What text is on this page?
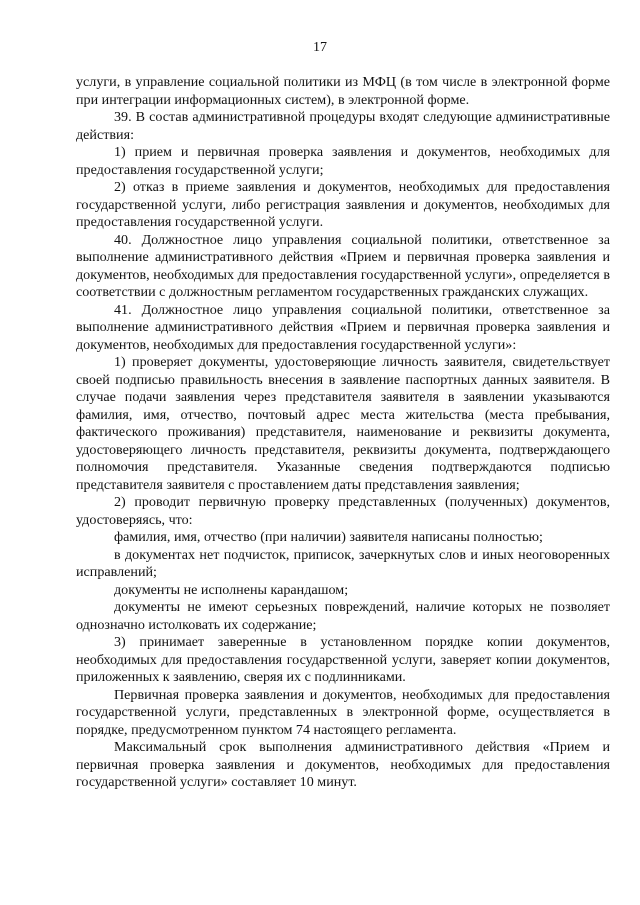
17

услуги, в управление социальной политики из МФЦ (в том числе в электронной форме при интеграции информационных систем), в электронной форме.

39. В состав административной процедуры входят следующие административные действия:

1) прием и первичная проверка заявления и документов, необходимых для предоставления государственной услуги;

2) отказ в приеме заявления и документов, необходимых для предоставления государственной услуги, либо регистрация заявления и документов, необходимых для предоставления государственной услуги.

40. Должностное лицо управления социальной политики, ответственное за выполнение административного действия «Прием и первичная проверка заявления и документов, необходимых для предоставления государственной услуги», определяется в соответствии с должностным регламентом государственных гражданских служащих.

41. Должностное лицо управления социальной политики, ответственное за выполнение административного действия «Прием и первичная проверка заявления и документов, необходимых для предоставления государственной услуги»:

1) проверяет документы, удостоверяющие личность заявителя, свидетельствует своей подписью правильность внесения в заявление паспортных данных заявителя. В случае подачи заявления через представителя заявителя в заявлении указываются фамилия, имя, отчество, почтовый адрес места жительства (места пребывания, фактического проживания) представителя, наименование и реквизиты документа, удостоверяющего личность представителя, реквизиты документа, подтверждающего полномочия представителя. Указанные сведения подтверждаются подписью представителя заявителя с проставлением даты представления заявления;

2) проводит первичную проверку представленных (полученных) документов, удостоверяясь, что:

фамилия, имя, отчество (при наличии) заявителя написаны полностью;

в документах нет подчисток, приписок, зачеркнутых слов и иных неоговоренных исправлений;

документы не исполнены карандашом;

документы не имеют серьезных повреждений, наличие которых не позволяет однозначно истолковать их содержание;

3) принимает заверенные в установленном порядке копии документов, необходимых для предоставления государственной услуги, заверяет копии документов, приложенных к заявлению, сверяя их с подлинниками.

Первичная проверка заявления и документов, необходимых для предоставления государственной услуги, представленных в электронной форме, осуществляется в порядке, предусмотренном пунктом 74 настоящего регламента.

Максимальный срок выполнения административного действия «Прием и первичная проверка заявления и документов, необходимых для предоставления государственной услуги» составляет 10 минут.
